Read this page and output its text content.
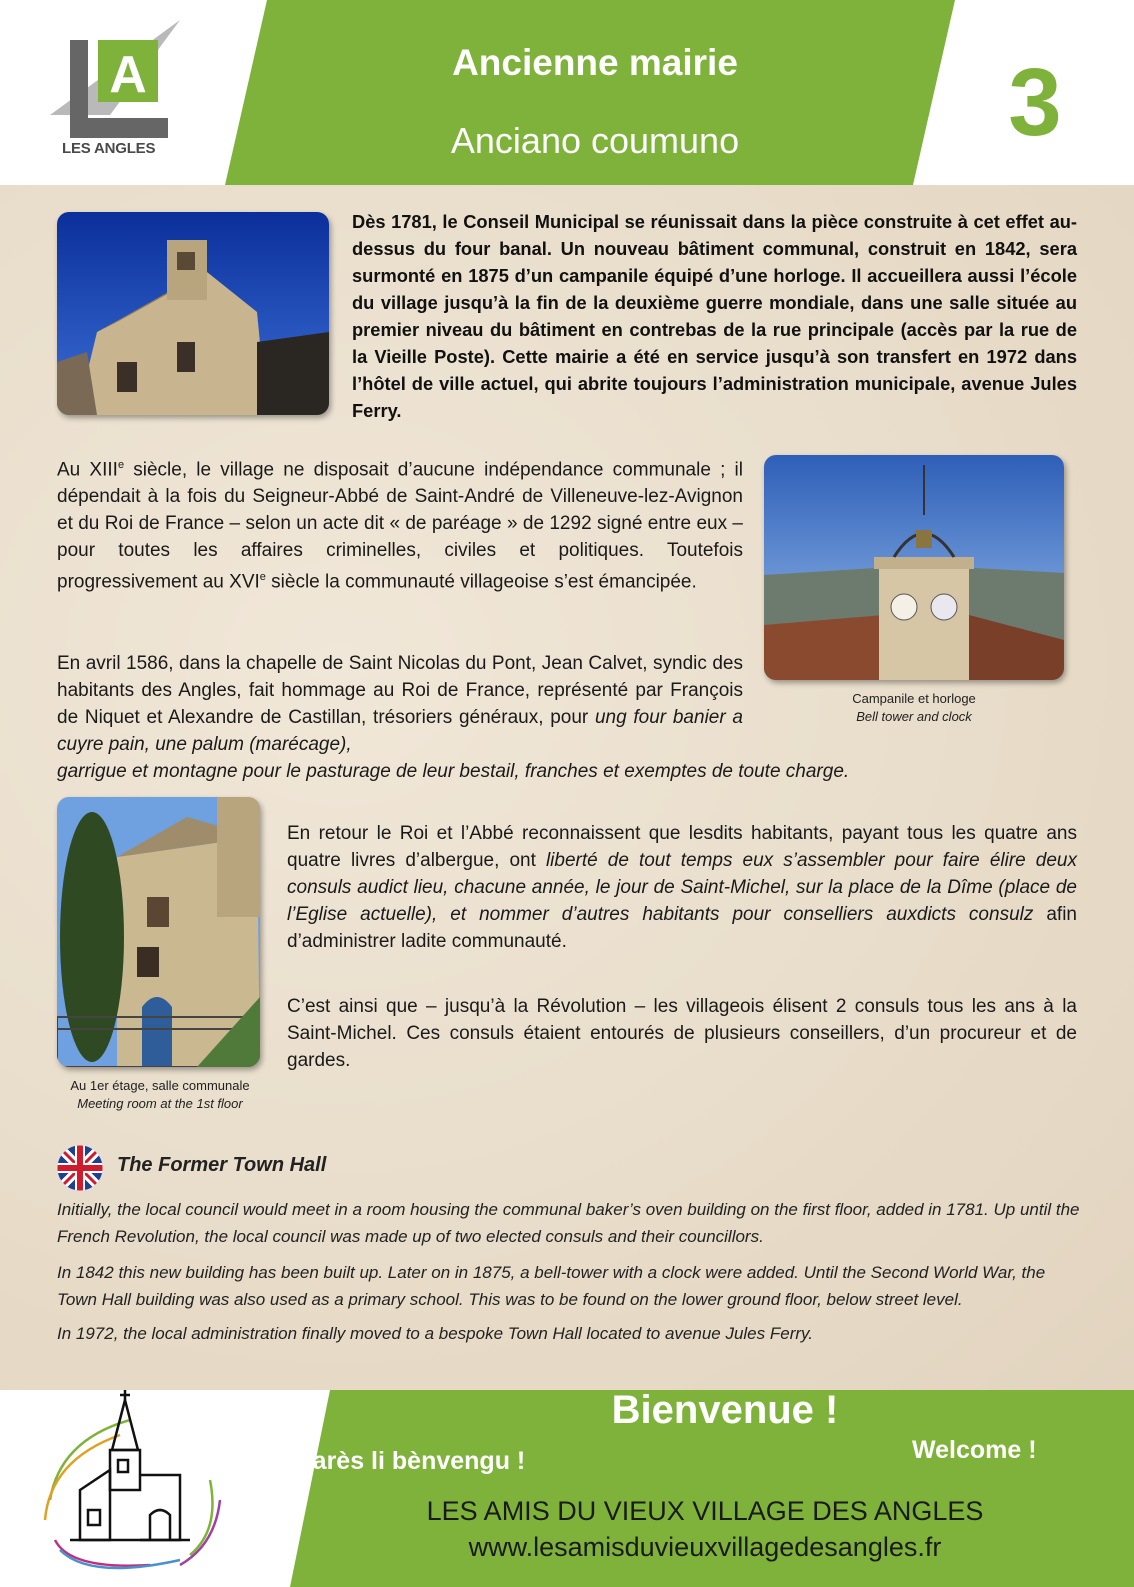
A
LES ANGLES
Ancienne mairie
Anciano coumuno	3
Dès 1781, le Conseil Municipal se réunissait dans la pièce construite à cet effet au-dessus du four banal. Un nouveau bâtiment communal, construit en 1842, sera surmonté en 1875 d’un campanile équipé d’une horloge. Il accueillera aussi l’école du village jusqu’à la fin de la deuxième guerre mondiale, dans une salle située au premier niveau du bâtiment en contrebas de la rue principale (accès par la rue de la Vieille Poste). Cette mairie a été en service jusqu’à son transfert en 1972 dans l’hôtel de ville actuel, qui abrite toujours l’administration municipale, avenue Jules Ferry.
Campanile et horloge
Bell tower and clock
Au XIIIe siècle, le village ne disposait d’aucune indépendance communale ; il dépendait à la fois du Seigneur-Abbé de Saint-André de Villeneuve-lez-Avignon et du Roi de France – selon un acte dit « de paréage » de 1292 signé entre eux – pour toutes les affaires criminelles, civiles et politiques. Toutefois progressivement au XVIe siècle la communauté villageoise s’est émancipée.
En avril 1586, dans la chapelle de Saint Nicolas du Pont, Jean Calvet, syndic des habitants des Angles, fait hommage au Roi de France, représenté par François de Niquet et Alexandre de Castillan, trésoriers généraux, pour ung four banier a cuyre pain, une palum (marécage),
garrigue et montagne pour le pasturage de leur bestail, franches et exemptes de toute charge.
Au 1er étage, salle communale
Meeting room at the 1st floor
En retour le Roi et l’Abbé reconnaissent que lesdits habitants, payant tous les quatre ans quatre livres d’albergue, ont liberté de tout temps eux s’assembler pour faire élire deux consuls audict lieu, chacune année, le jour de Saint-Michel, sur la place de la Dîme (place de l’Eglise actuelle), et nommer d’autres habitants pour conselliers auxdicts consulz afin d’administrer ladite communauté.
C’est ainsi que – jusqu’à la Révolution – les villageois élisent 2 consuls tous les ans à la Saint-Michel. Ces consuls étaient entourés de plusieurs conseillers, d’un procureur et de gardes.
The Former Town Hall
Initially, the local council would meet in a room housing the communal baker’s oven building on the first floor, added in 1781. Up until the French Revolution, the local council was made up of two elected consuls and their councillors.
In 1842 this new building has been built up. Later on in 1875, a bell-tower with a clock were added. Until the Second World War, the Town Hall building was also used as a primary school. This was to be found on the lower ground floor, below street level.
In 1972, the local administration finally moved to a bespoke Town Hall located to avenue Jules Ferry.
Bienvenue !
Sarès li bènvengu !	Welcome !
LES AMIS DU VIEUX VILLAGE DES ANGLES
www.lesamisduvieuxvillagedesangles.fr
